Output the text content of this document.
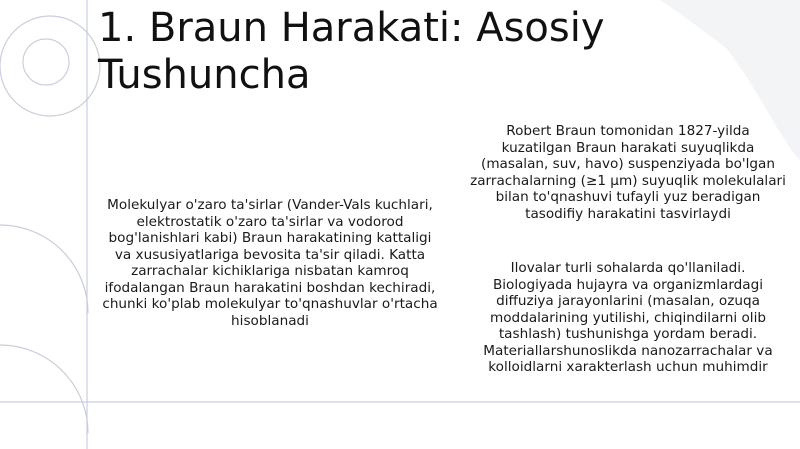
1. Braun Harakati: Asosiy Tushuncha

Molekulyar o'zaro ta'sirlar (Vander-Vals kuchlari, elektrostatik o'zaro ta'sirlar va vodorod bog'lanishlari kabi) Braun harakatining kattaligi va xususiyatlariga bevosita ta'sir qiladi. Katta zarrachalar kichiklariga nisbatan kamroq ifodalangan Braun harakatini boshdan kechiradi, chunki ko'plab molekulyar to'qnashuvlar o'rtacha hisoblanadi

Robert Braun tomonidan 1827-yilda kuzatilgan Braun harakati suyuqlikda (masalan, suv, havo) suspenziyada bo'lgan zarrachalarning (≥1 μm) suyuqlik molekulalari bilan to'qnashuvi tufayli yuz beradigan tasodifiy harakatini tasvirlaydi

Ilovalar turli sohalarda qo'llaniladi. Biologiyada hujayra va organizmlardagi diffuziya jarayonlarini (masalan, ozuqa moddalarining yutilishi, chiqindilarni olib tashlash) tushunishga yordam beradi. Materiallarshunoslikda nanozarrachalar va kolloidlarni xarakterlash uchun muhimdir
